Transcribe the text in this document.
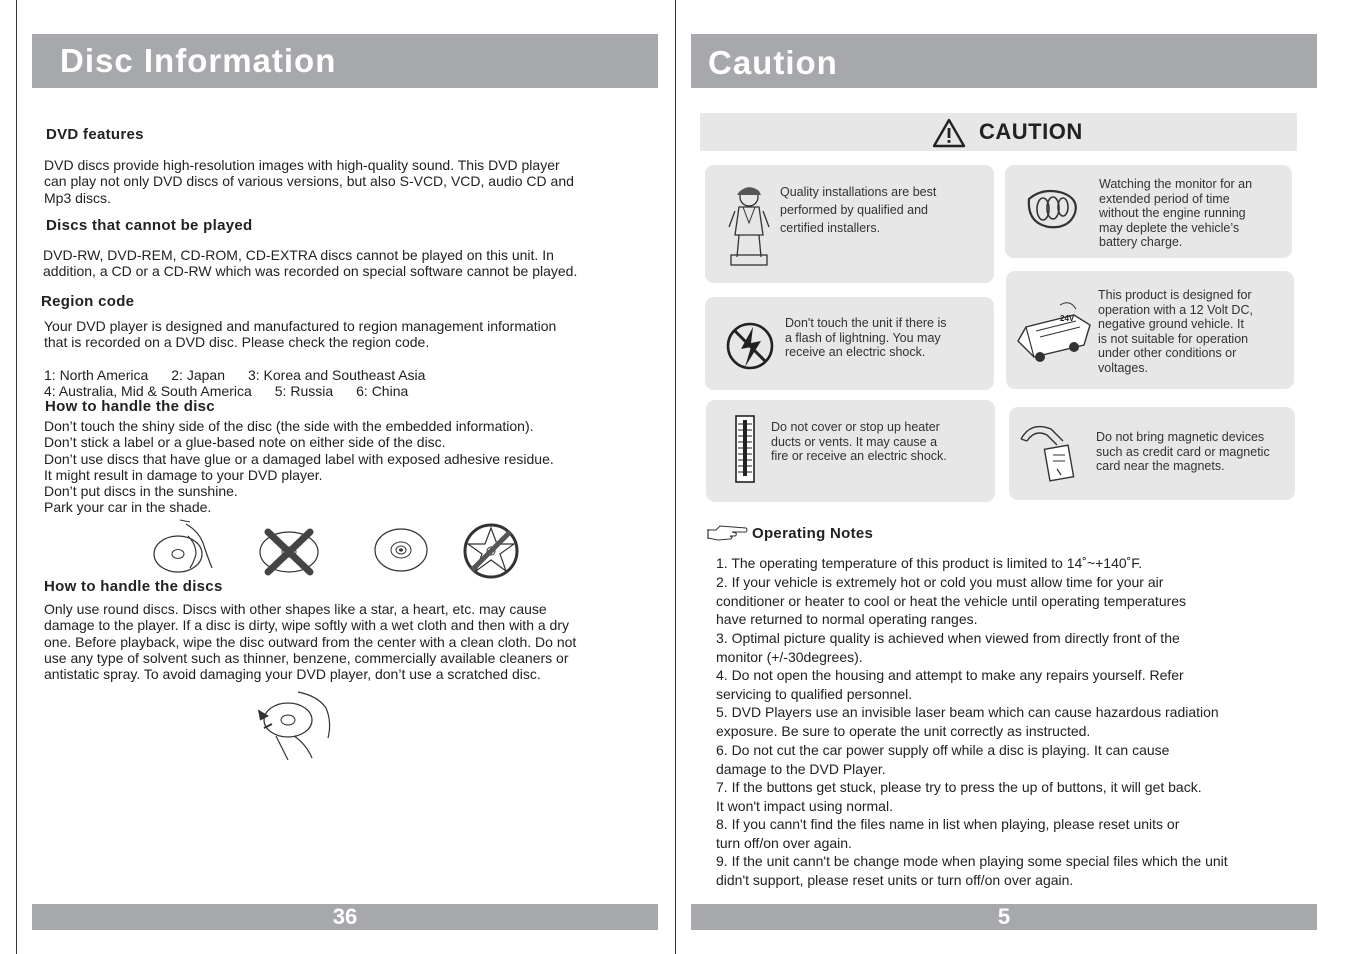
Disc Information
DVD features
DVD discs provide high-resolution images with high-quality sound. This DVD player
can play not only DVD discs of various versions, but also S-VCD, VCD, audio CD and
Mp3 discs.
Discs that cannot be played
DVD-RW, DVD-REM, CD-ROM, CD-EXTRA discs cannot be played on this unit. In
addition, a CD or a CD-RW which was recorded on special software cannot be played.
Region code
Your DVD player is designed and manufactured to region management information
that is recorded on a DVD disc. Please check the region code.

1: North America 2: Japan 3: Korea and Southeast Asia

4: Australia, Mid & South America 5: Russia 6: China

How to handle the disc
Don’t touch the shiny side of the disc (the side with the embedded information).
Don’t stick a label or a glue-based note on either side of the disc.
Don’t use discs that have glue or a damaged label with exposed adhesive residue.
It might result in damage to your DVD player.
Don’t put discs in the sunshine.
Park your car in the shade.
How to handle the discs
Only use round discs. Discs with other shapes like a star, a heart, etc. may cause
damage to the player. If a disc is dirty, wipe softly with a wet cloth and then with a dry
one. Before playback, wipe the disc outward from the center with a clean cloth. Do not
use any type of solvent such as thinner, benzene, commercially available cleaners or
antistatic spray. To avoid damaging your DVD player, don’t use a scratched disc.
36
Caution
CAUTION
Quality installations are best
performed by qualified and
certified installers.
Watching the monitor for an
extended period of time
without the engine running
may deplete the vehicle’s
battery charge.
Don't touch the unit if there is
a flash of lightning. You may
receive an electric shock.
24V
This product is designed for
operation with a 12 Volt DC,
negative ground vehicle. It
is not suitable for operation
under other conditions or
voltages.
Do not cover or stop up heater
ducts or vents. It may cause a
fire or receive an electric shock.
Do not bring magnetic devices
such as credit card or magnetic
card near the magnets.
Operating Notes
1. The operating temperature of this product is limited to 14˚~+140˚F.
2. If your vehicle is extremely hot or cold you must allow time for your air
conditioner or heater to cool or heat the vehicle until operating temperatures
have returned to normal operating ranges.
3. Optimal picture quality is achieved when viewed from directly front of the
monitor (+/-30degrees).
4. Do not open the housing and attempt to make any repairs yourself. Refer
servicing to qualified personnel.
5. DVD Players use an invisible laser beam which can cause hazardous radiation
exposure. Be sure to operate the unit correctly as instructed.
6. Do not cut the car power supply off while a disc is playing. It can cause
damage to the DVD Player.
7. If the buttons get stuck, please try to press the up of buttons, it will get back.
It won't impact using normal.
8. If you cann't find the files name in list when playing, please reset units or
turn off/on over again.
9. If the unit cann't be change mode when playing some special files which the unit
didn't support, please reset units or turn off/on over again.
5
